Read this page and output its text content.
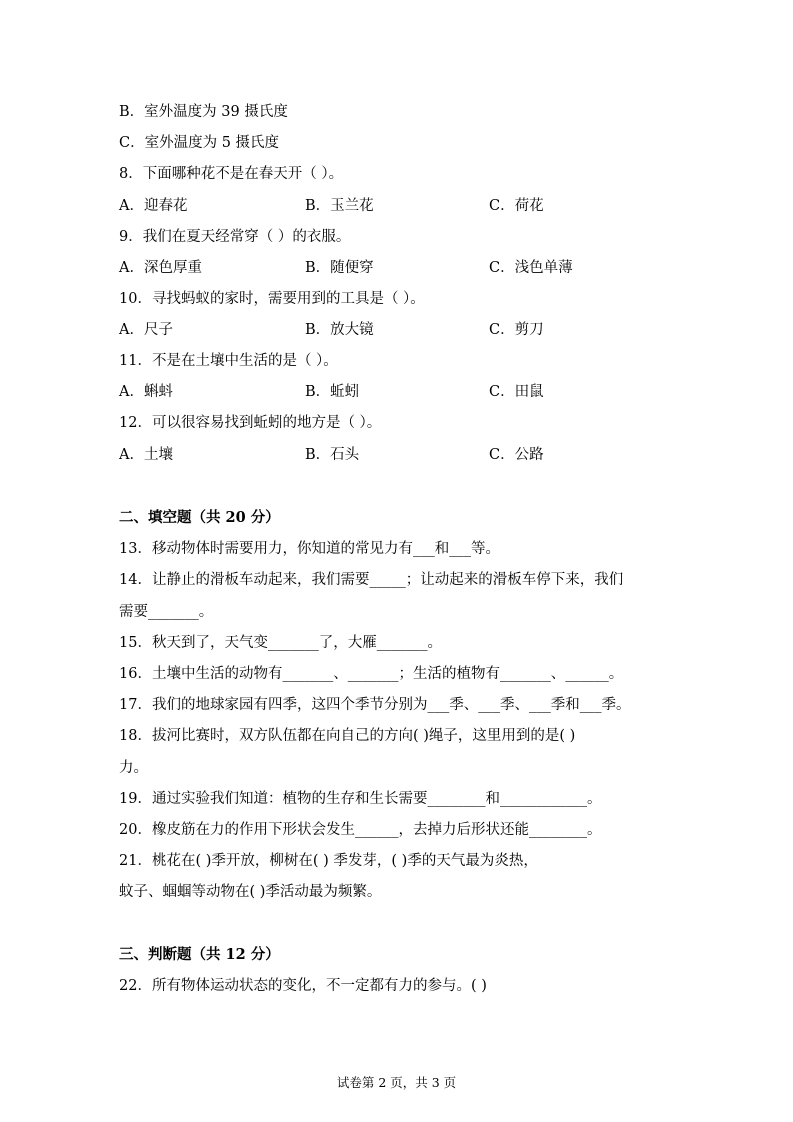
B．室外温度为 39 摄氏度

C．室外温度为 5 摄氏度

8．下面哪种花不是在春天开（ ）。

A．迎春花	B．玉兰花	C．荷花

9．我们在夏天经常穿（ ）的衣服。

A．深色厚重	B．随便穿	C．浅色单薄

10．寻找蚂蚁的家时，需要用到的工具是（ ）。

A．尺子	B．放大镜	C．剪刀

11．不是在土壤中生活的是（ ）。

A．蝌蚪	B．蚯蚓	C．田鼠

12．可以很容易找到蚯蚓的地方是（ ）。

A．土壤	B．石头	C．公路

二、填空题（共 20 分）

13．移动物体时需要用力，你知道的常见力有___和___等。

14．让静止的滑板车动起来，我们需要_____；让动起来的滑板车停下来，我们

需要_______。

15．秋天到了，天气变_______了，大雁_______。

16．土壤中生活的动物有_______、_______；生活的植物有_______、______。

17．我们的地球家园有四季，这四个季节分别为___季、___季、___季和___季。

18．拔河比赛时，双方队伍都在向自己的方向( )绳子，这里用到的是( )

力。

19．通过实验我们知道：植物的生存和生长需要________和____________。

20．橡皮筋在力的作用下形状会发生______，去掉力后形状还能________。

21．桃花在( )季开放，柳树在( ) 季发芽，( )季的天气最为炎热，

蚊子、蝈蝈等动物在( )季活动最为频繁。

三、判断题（共 12 分）

22．所有物体运动状态的变化，不一定都有力的参与。( )

试卷第 2 页，共 3 页
